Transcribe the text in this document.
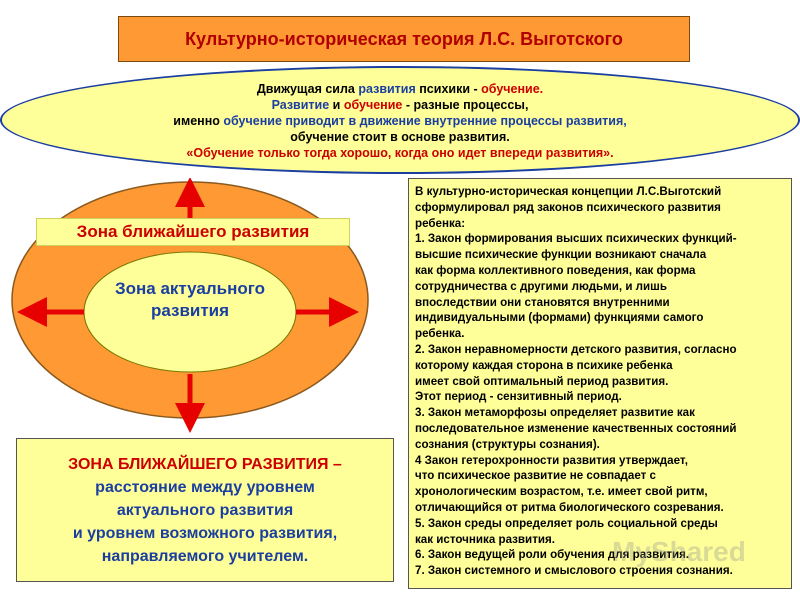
Культурно-историческая теория Л.С. Выготского
Движущая сила развития психики - обучение.
Развитие и обучение - разные процессы,
именно обучение приводит в движение внутренние процессы развития,
обучение стоит в основе развития.
«Обучение только тогда хорошо, когда оно идет впереди развития».
Зона ближайшего развития
Зона актуального
развития
ЗОНА БЛИЖАЙШЕГО РАЗВИТИЯ –
расстояние между уровнем
актуального развития
и уровнем возможного развития,
направляемого учителем.
В культурно-историческая концепции Л.С.Выготский
сформулировал ряд законов психического развития
ребенка:
1. Закон формирования высших психических функций-
высшие психические функции возникают сначала
как форма коллективного поведения, как форма
сотрудничества с другими людьми, и лишь
впоследствии они становятся внутренними
индивидуальными (формами) функциями самого
ребенка.
2. Закон неравномерности детского развития, согласно
которому каждая сторона в психике ребенка
имеет свой оптимальный период развития.
Этот период - сензитивный период.
3. Закон метаморфозы определяет развитие как
последовательное изменение качественных состояний
сознания (структуры сознания).
4 Закон гетерохронности развития утверждает,
что психическое развитие не совпадает с
хронологическим возрастом, т.е. имеет свой ритм,
отличающийся от ритма биологического созревания.
5. Закон среды определяет роль социальной среды
как источника развития.
6. Закон ведущей роли обучения для развития.
7. Закон системного и смыслового строения сознания.
MyShared
